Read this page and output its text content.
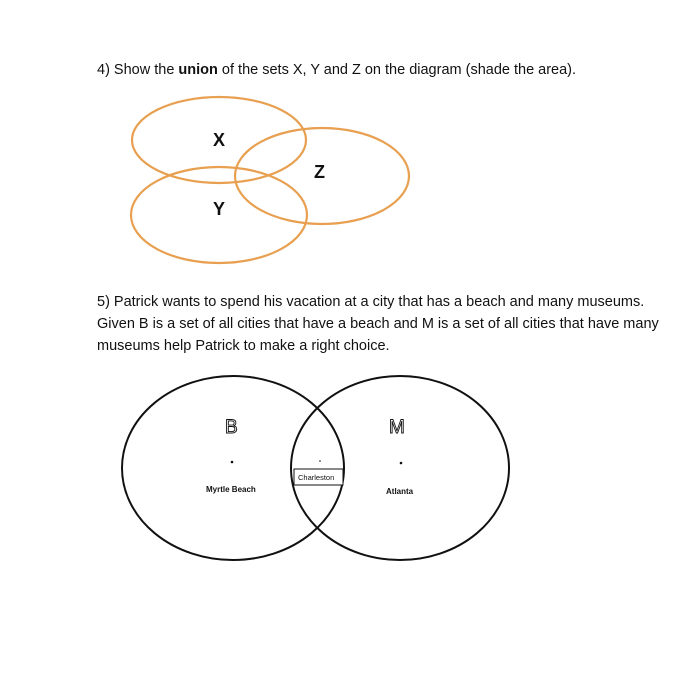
4) Show the union of the sets X, Y and Z on the diagram (shade the area).
X
Y
Z
B	M
Myrtle Beach	Atlanta
Charleston
5) Patrick wants to spend his vacation at a city that has a beach and many museums. Given B is a set of all cities that have a beach and M is a set of all cities that have many museums help Patrick to make a right choice.
